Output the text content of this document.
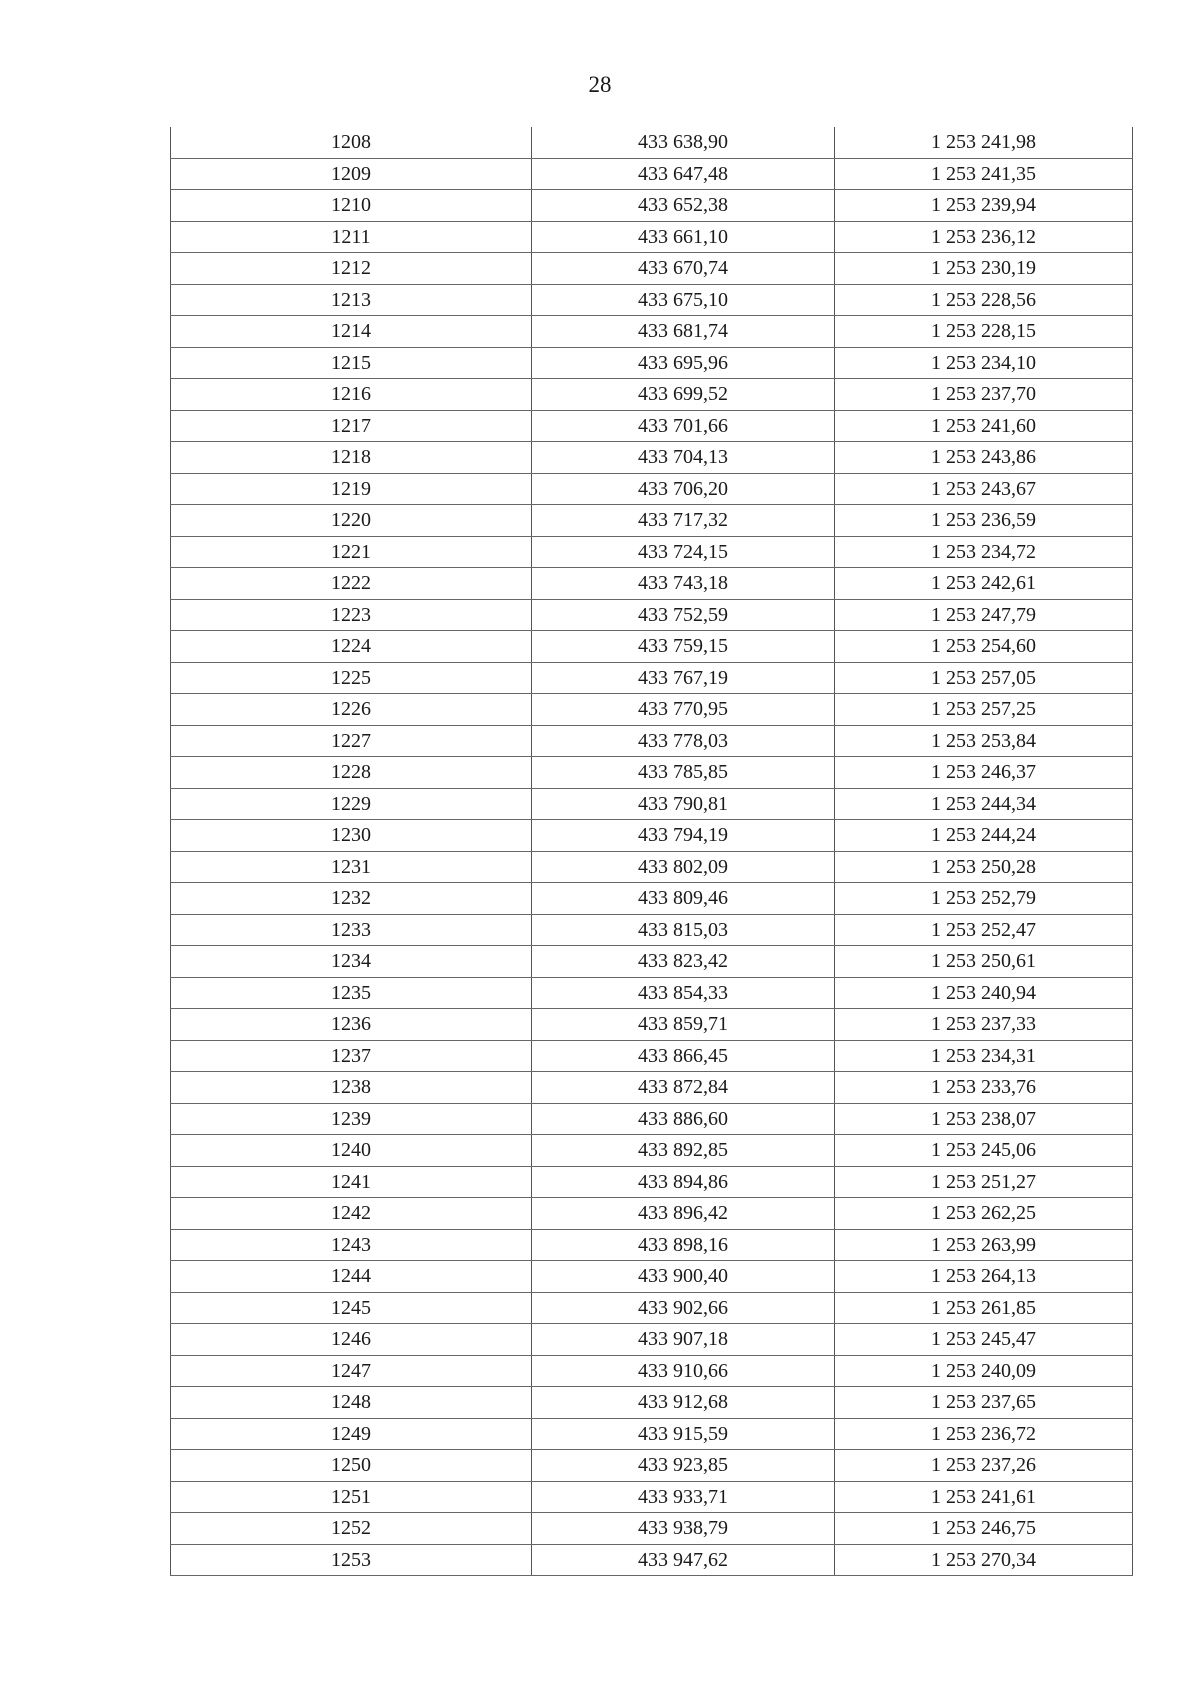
28
1208	433 638,90	1 253 241,98
1209	433 647,48	1 253 241,35
1210	433 652,38	1 253 239,94
1211	433 661,10	1 253 236,12
1212	433 670,74	1 253 230,19
1213	433 675,10	1 253 228,56
1214	433 681,74	1 253 228,15
1215	433 695,96	1 253 234,10
1216	433 699,52	1 253 237,70
1217	433 701,66	1 253 241,60
1218	433 704,13	1 253 243,86
1219	433 706,20	1 253 243,67
1220	433 717,32	1 253 236,59
1221	433 724,15	1 253 234,72
1222	433 743,18	1 253 242,61
1223	433 752,59	1 253 247,79
1224	433 759,15	1 253 254,60
1225	433 767,19	1 253 257,05
1226	433 770,95	1 253 257,25
1227	433 778,03	1 253 253,84
1228	433 785,85	1 253 246,37
1229	433 790,81	1 253 244,34
1230	433 794,19	1 253 244,24
1231	433 802,09	1 253 250,28
1232	433 809,46	1 253 252,79
1233	433 815,03	1 253 252,47
1234	433 823,42	1 253 250,61
1235	433 854,33	1 253 240,94
1236	433 859,71	1 253 237,33
1237	433 866,45	1 253 234,31
1238	433 872,84	1 253 233,76
1239	433 886,60	1 253 238,07
1240	433 892,85	1 253 245,06
1241	433 894,86	1 253 251,27
1242	433 896,42	1 253 262,25
1243	433 898,16	1 253 263,99
1244	433 900,40	1 253 264,13
1245	433 902,66	1 253 261,85
1246	433 907,18	1 253 245,47
1247	433 910,66	1 253 240,09
1248	433 912,68	1 253 237,65
1249	433 915,59	1 253 236,72
1250	433 923,85	1 253 237,26
1251	433 933,71	1 253 241,61
1252	433 938,79	1 253 246,75
1253	433 947,62	1 253 270,34
